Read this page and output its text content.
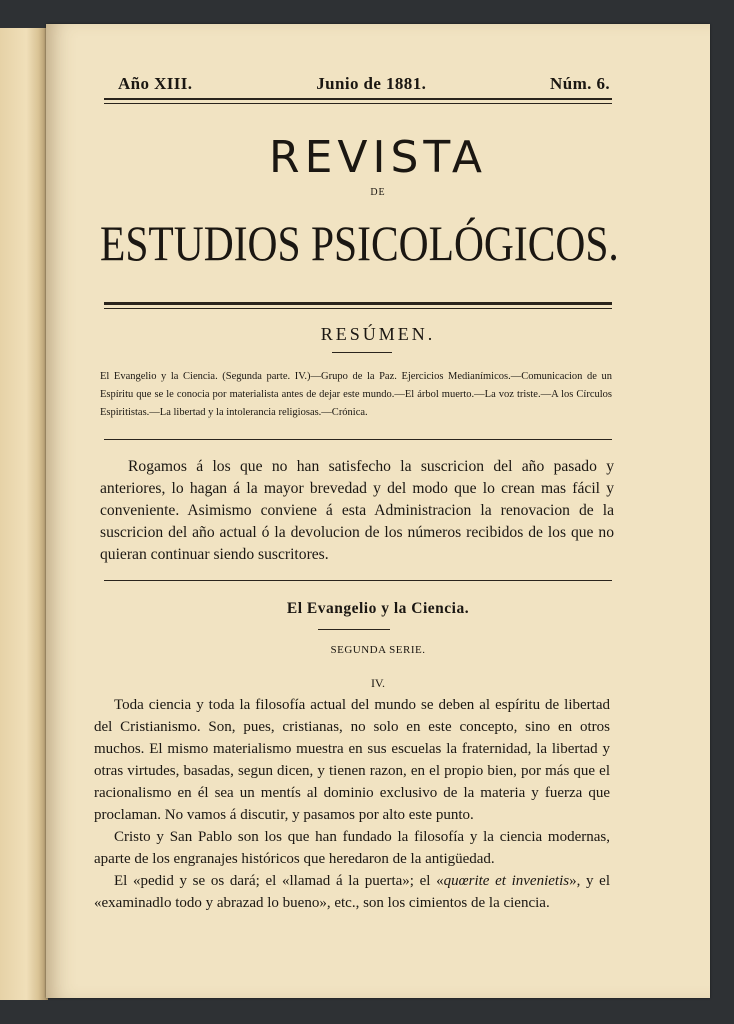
Año XIII.	Junio de 1881.	Núm. 6.
REVISTA
DE
ESTUDIOS PSICOLÓGICOS.
RESÚMEN.
El Evangelio y la Ciencia. (Segunda parte. IV.)—Grupo de la Paz. Ejercicios Medianímicos.—Comunicacion de un Espíritu que se le conocia por materialista antes de dejar este mundo.—El árbol muerto.—La voz triste.—A los Círculos Espiritistas.—La libertad y la intolerancia religiosas.—Crónica.

Rogamos á los que no han satisfecho la suscricion del año pasado y anteriores, lo hagan á la mayor brevedad y del modo que lo crean mas fácil y conveniente. Asimismo conviene á esta Administracion la renovacion de la suscricion del año actual ó la devolucion de los números recibidos de los que no quieran continuar siendo suscritores.

El Evangelio y la Ciencia.
SEGUNDA SERIE.
IV.

Toda ciencia y toda la filosofía actual del mundo se deben al espíritu de libertad del Cristianismo. Son, pues, cristianas, no solo en este concepto, sino en otros muchos. El mismo materialismo muestra en sus escuelas la fraternidad, la libertad y otras virtudes, basadas, segun dicen, y tienen razon, en el propio bien, por más que el racionalismo en él sea un mentís al dominio exclusivo de la materia y fuerza que proclaman. No vamos á discutir, y pasamos por alto este punto.

Cristo y San Pablo son los que han fundado la filosofía y la ciencia modernas, aparte de los engranajes históricos que heredaron de la antigüedad.

El «pedid y se os dará; el «llamad á la puerta»; el «quœrite et invenietis», y el «examinadlo todo y abrazad lo bueno», etc., son los cimientos de la ciencia.
